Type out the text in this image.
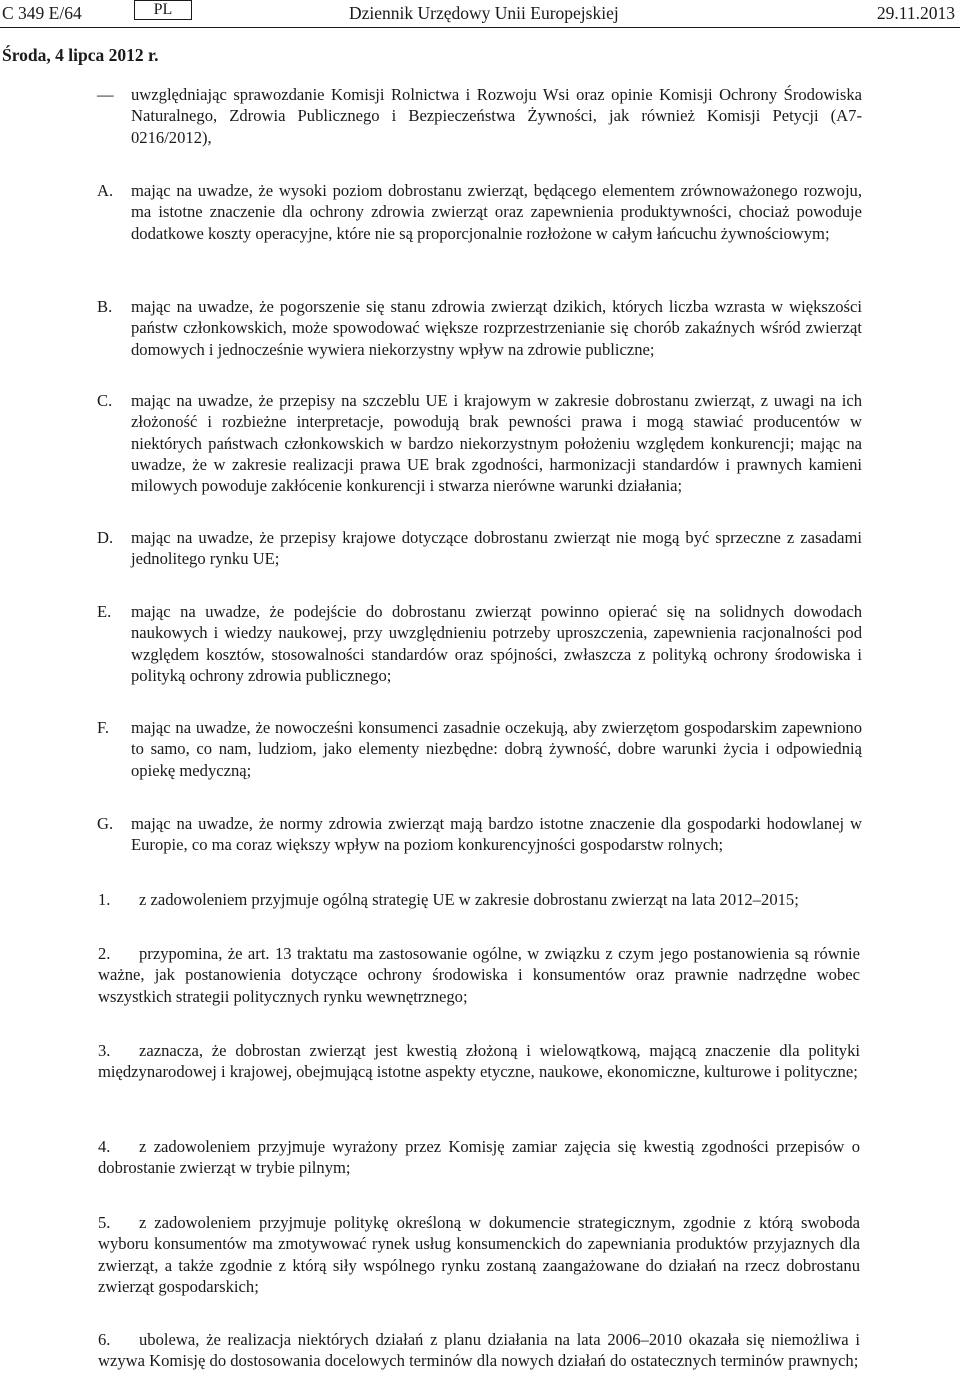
C 349 E/64	PL	Dziennik Urzędowy Unii Europejskiej	29.11.2013
Środa, 4 lipca 2012 r.
— uwzględniając sprawozdanie Komisji Rolnictwa i Rozwoju Wsi oraz opinie Komisji Ochrony Środowiska Naturalnego, Zdrowia Publicznego i Bezpieczeństwa Żywności, jak również Komisji Petycji (A7-0216/2012),
A. mając na uwadze, że wysoki poziom dobrostanu zwierząt, będącego elementem zrównoważonego rozwoju, ma istotne znaczenie dla ochrony zdrowia zwierząt oraz zapewnienia produktywności, chociaż powoduje dodatkowe koszty operacyjne, które nie są proporcjonalnie rozłożone w całym łańcuchu żywnościowym;
B. mając na uwadze, że pogorszenie się stanu zdrowia zwierząt dzikich, których liczba wzrasta w większości państw członkowskich, może spowodować większe rozprzestrzenianie się chorób zakaźnych wśród zwierząt domowych i jednocześnie wywiera niekorzystny wpływ na zdrowie publiczne;
C. mając na uwadze, że przepisy na szczeblu UE i krajowym w zakresie dobrostanu zwierząt, z uwagi na ich złożoność i rozbieżne interpretacje, powodują brak pewności prawa i mogą stawiać producentów w niektórych państwach członkowskich w bardzo niekorzystnym położeniu względem konkurencji; mając na uwadze, że w zakresie realizacji prawa UE brak zgodności, harmonizacji standardów i prawnych kamieni milowych powoduje zakłócenie konkurencji i stwarza nierówne warunki działania;
D. mając na uwadze, że przepisy krajowe dotyczące dobrostanu zwierząt nie mogą być sprzeczne z zasadami jednolitego rynku UE;
E. mając na uwadze, że podejście do dobrostanu zwierząt powinno opierać się na solidnych dowodach naukowych i wiedzy naukowej, przy uwzględnieniu potrzeby uproszczenia, zapewnienia racjonalności pod względem kosztów, stosowalności standardów oraz spójności, zwłaszcza z polityką ochrony środowiska i polityką ochrony zdrowia publicznego;
F. mając na uwadze, że nowocześni konsumenci zasadnie oczekują, aby zwierzętom gospodarskim zapewniono to samo, co nam, ludziom, jako elementy niezbędne: dobrą żywność, dobre warunki życia i odpowiednią opiekę medyczną;
G. mając na uwadze, że normy zdrowia zwierząt mają bardzo istotne znaczenie dla gospodarki hodowlanej w Europie, co ma coraz większy wpływ na poziom konkurencyjności gospodarstw rolnych;
1. z zadowoleniem przyjmuje ogólną strategię UE w zakresie dobrostanu zwierząt na lata 2012–2015;
2. przypomina, że art. 13 traktatu ma zastosowanie ogólne, w związku z czym jego postanowienia są równie ważne, jak postanowienia dotyczące ochrony środowiska i konsumentów oraz prawnie nadrzędne wobec wszystkich strategii politycznych rynku wewnętrznego;
3. zaznacza, że dobrostan zwierząt jest kwestią złożoną i wielowątkową, mającą znaczenie dla polityki międzynarodowej i krajowej, obejmującą istotne aspekty etyczne, naukowe, ekonomiczne, kulturowe i polityczne;
4. z zadowoleniem przyjmuje wyrażony przez Komisję zamiar zajęcia się kwestią zgodności przepisów o dobrostanie zwierząt w trybie pilnym;
5. z zadowoleniem przyjmuje politykę określoną w dokumencie strategicznym, zgodnie z którą swoboda wyboru konsumentów ma zmotywować rynek usług konsumenckich do zapewniania produktów przyjaznych dla zwierząt, a także zgodnie z którą siły wspólnego rynku zostaną zaangażowane do działań na rzecz dobrostanu zwierząt gospodarskich;
6. ubolewa, że realizacja niektórych działań z planu działania na lata 2006–2010 okazała się niemożliwa i wzywa Komisję do dostosowania docelowych terminów dla nowych działań do ostatecznych terminów prawnych;
